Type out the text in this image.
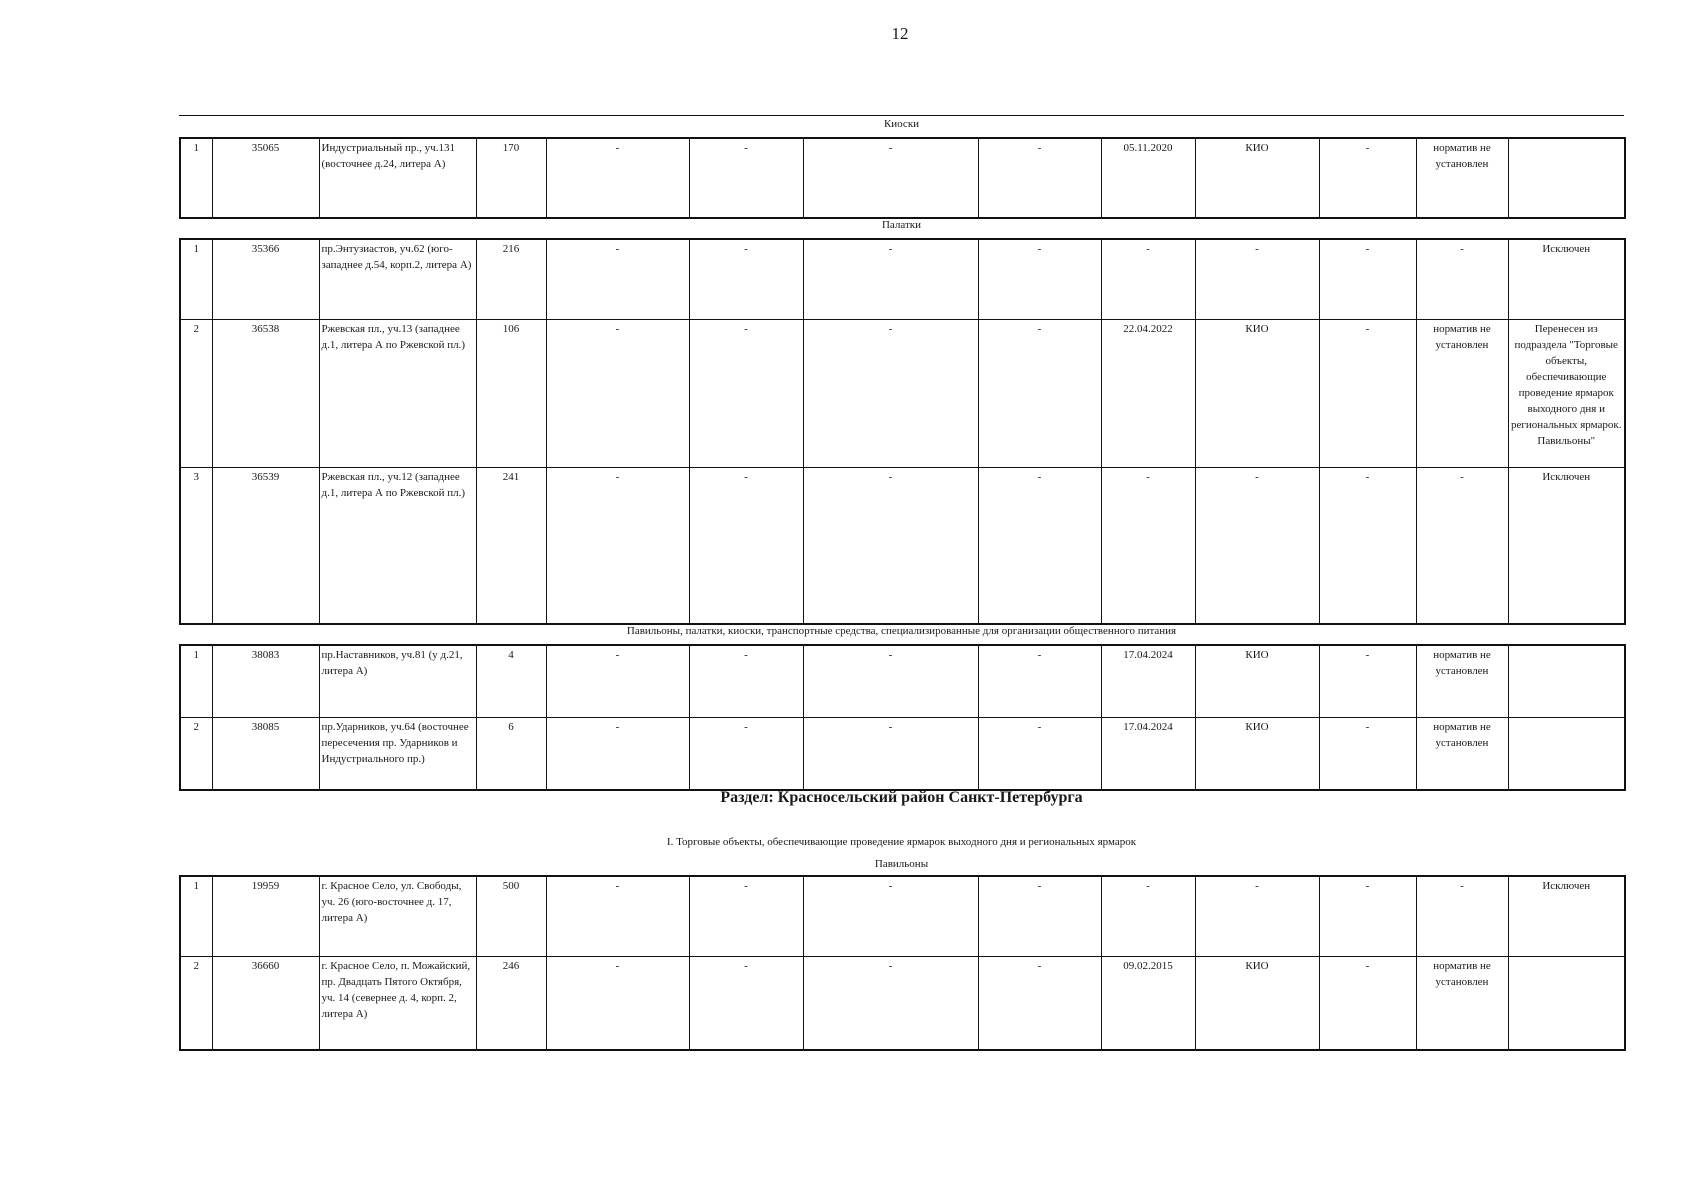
12
Киоски
1	35065	Индустриальный пр., уч.131 (восточнее д.24, литера А)	170	-	-	-	-	05.11.2020	КИО	-	норматив не установлен	
Палатки
1	35366	пр.Энтузиастов, уч.62 (юго-западнее д.54, корп.2, литера А)	216	-	-	-	-	-	-	-	-	Исключен
2	36538	Ржевская пл., уч.13 (западнее д.1, литера А по Ржевской пл.)	106	-	-	-	-	22.04.2022	КИО	-	норматив не установлен	Перенесен из подраздела "Торговые объекты, обеспечивающие проведение ярмарок выходного дня и региональных ярмарок. Павильоны"
3	36539	Ржевская пл., уч.12 (западнее д.1, литера А по Ржевской пл.)	241	-	-	-	-	-	-	-	-	Исключен
Павильоны, палатки, киоски, транспортные средства, специализированные для организации общественного питания
1	38083	пр.Наставников, уч.81 (у д.21, литера А)	4	-	-	-	-	17.04.2024	КИО	-	норматив не установлен	
2	38085	пр.Ударников, уч.64 (восточнее пересечения пр. Ударников и Индустриального пр.)	6	-	-	-	-	17.04.2024	КИО	-	норматив не установлен	
Раздел: Красносельский район Санкт-Петербурга
I. Торговые объекты, обеспечивающие проведение ярмарок выходного дня и региональных ярмарок
Павильоны
1	19959	г. Красное Село, ул. Свободы, уч. 26 (юго-восточнее д. 17, литера А)	500	-	-	-	-	-	-	-	-	Исключен
2	36660	г. Красное Село, п. Можайский, пр. Двадцать Пятого Октября, уч. 14 (севернее д. 4, корп. 2, литера А)	246	-	-	-	-	09.02.2015	КИО	-	норматив не установлен	
